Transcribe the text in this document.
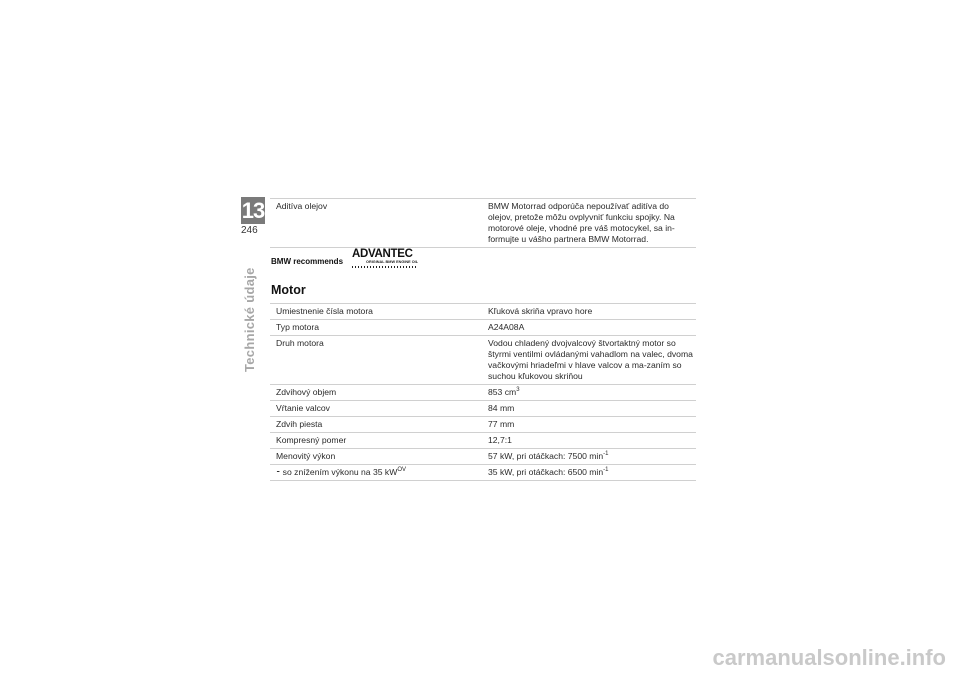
13
246
Technické údaje
Aditíva olejov	BMW Motorrad odporúča nepoužívať aditíva do olejov, pretože môžu ovplyvniť funkciu spojky. Na motorové oleje, vhodné pre váš motocykel, sa in-formujte u vášho partnera BMW Motorrad.
BMW recommends
ADVANTEC
ORIGINAL BMW ENGINE OIL
Motor
Umiestnenie čísla motora	Kľuková skriňa vpravo hore
Typ motora	A24A08A
Druh motora	Vodou chladený dvojvalcový štvortaktný motor so štyrmi ventilmi ovládanými vahadlom na valec, dvoma vačkovými hriadeľmi v hlave valcov a ma-zaním so suchou kľukovou skriňou
Zdvihový objem	853 $cm^3$
Vŕtanie valcov	84 mm
Zdvih piesta	77 mm
Kompresný pomer	12,7:1
Menovitý výkon	57 kW, pri otáčkach: 7500 $\min^{-1}$
⁃ so znížením výkonu na 35 $kW^{OV}$	35 kW, pri otáčkach: 6500 $\min^{-1}$
carmanualsonline.info
